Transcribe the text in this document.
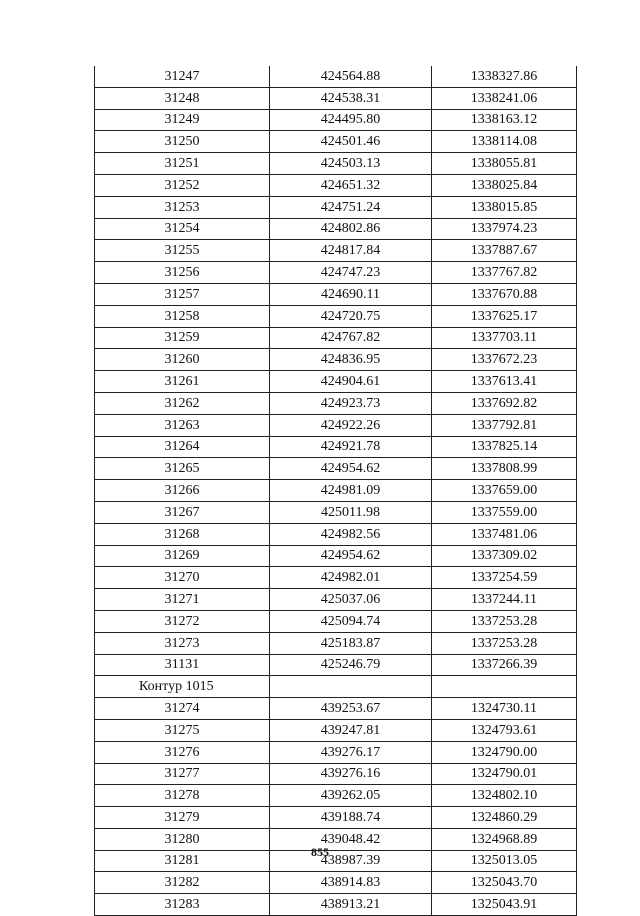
31247	424564.88	1338327.86
31248	424538.31	1338241.06
31249	424495.80	1338163.12
31250	424501.46	1338114.08
31251	424503.13	1338055.81
31252	424651.32	1338025.84
31253	424751.24	1338015.85
31254	424802.86	1337974.23
31255	424817.84	1337887.67
31256	424747.23	1337767.82
31257	424690.11	1337670.88
31258	424720.75	1337625.17
31259	424767.82	1337703.11
31260	424836.95	1337672.23
31261	424904.61	1337613.41
31262	424923.73	1337692.82
31263	424922.26	1337792.81
31264	424921.78	1337825.14
31265	424954.62	1337808.99
31266	424981.09	1337659.00
31267	425011.98	1337559.00
31268	424982.56	1337481.06
31269	424954.62	1337309.02
31270	424982.01	1337254.59
31271	425037.06	1337244.11
31272	425094.74	1337253.28
31273	425183.87	1337253.28
31131	425246.79	1337266.39
Контур 1015		
31274	439253.67	1324730.11
31275	439247.81	1324793.61
31276	439276.17	1324790.00
31277	439276.16	1324790.01
31278	439262.05	1324802.10
31279	439188.74	1324860.29
31280	439048.42	1324968.89
31281	438987.39	1325013.05
31282	438914.83	1325043.70
31283	438913.21	1325043.91
855
